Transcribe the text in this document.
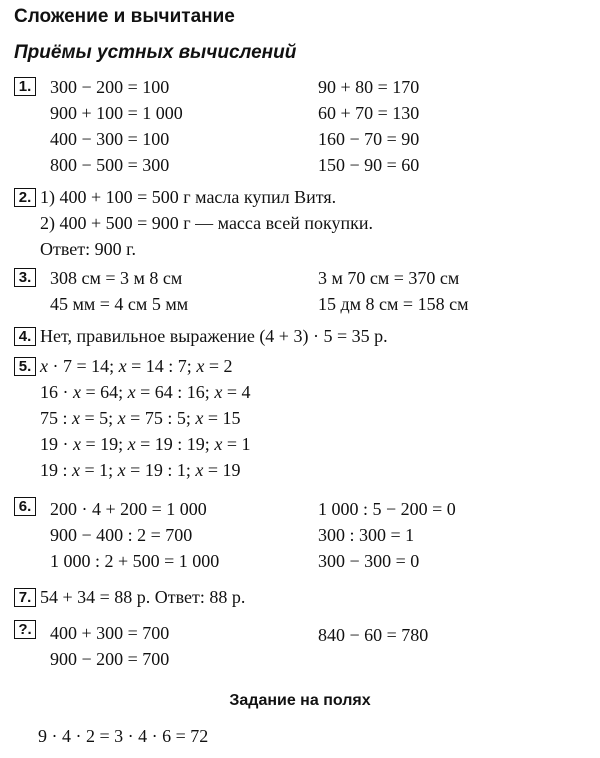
Сложение и вычитание
Приёмы устных вычислений
1. 300 − 200 = 100
900 + 100 = 1 000
400 − 300 = 100
800 − 500 = 300
90 + 80 = 170
60 + 70 = 130
160 − 70 = 90
150 − 90 = 60
2. 1) 400 + 100 = 500 г масла купил Витя.
2) 400 + 500 = 900 г — масса всей покупки.
Ответ: 900 г.
3. 308 см = 3 м 8 см
45 мм = 4 см 5 мм
3 м 70 см = 370 см
15 дм 8 см = 158 см
4. Нет, правильное выражение (4 + 3) · 5 = 35 р.
5. x · 7 = 14; x = 14 : 7; x = 2
16 · x = 64; x = 64 : 16; x = 4
75 : x = 5; x = 75 : 5; x = 15
19 · x = 19; x = 19 : 19; x = 1
19 : x = 1; x = 19 : 1; x = 19
6. 200 · 4 + 200 = 1 000
900 − 400 : 2 = 700
1 000 : 2 + 500 = 1 000
1 000 : 5 − 200 = 0
300 : 300 = 1
300 − 300 = 0
7. 54 + 34 = 88 р. Ответ: 88 р.
?. 400 + 300 = 700
900 − 200 = 700
840 − 60 = 780
Задание на полях
9 · 4 · 2 = 3 · 4 · 6 = 72
